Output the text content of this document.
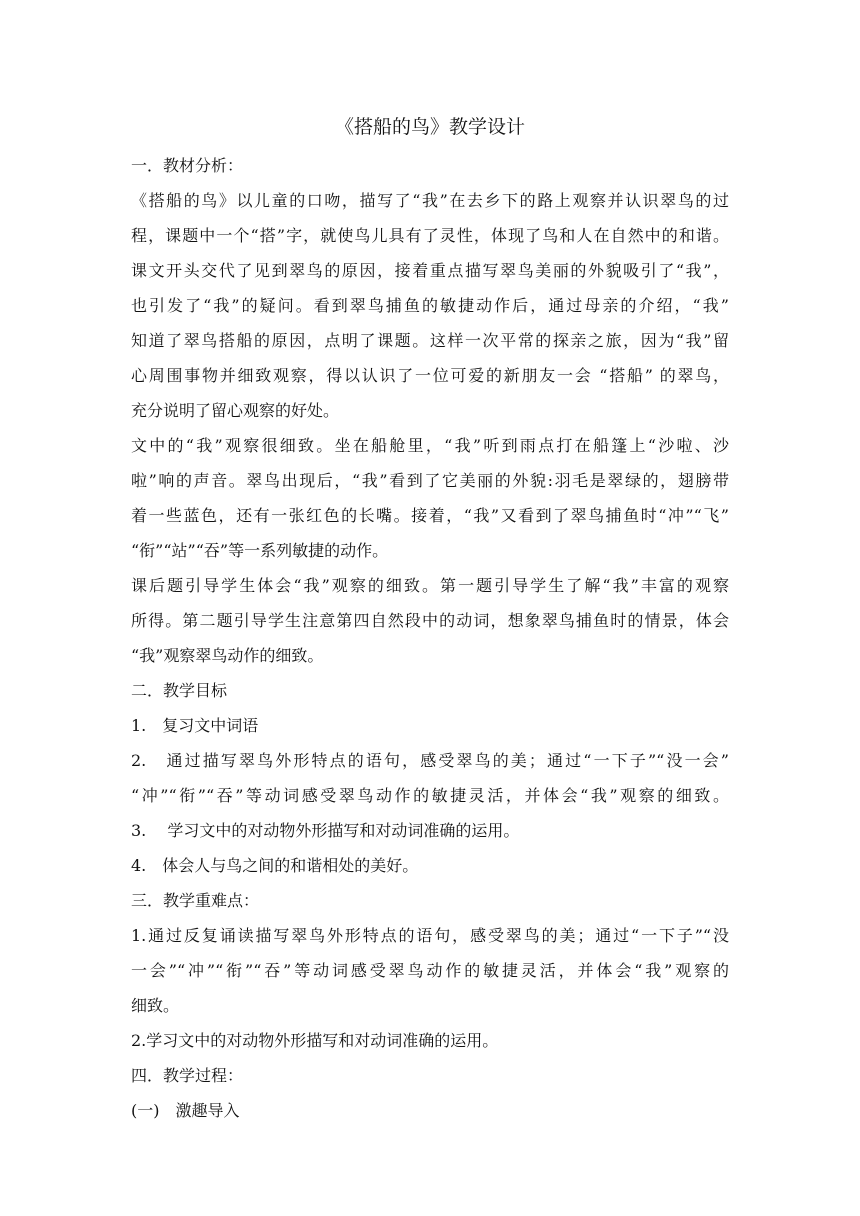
《搭船的鸟》教学设计
一．教材分析：
《搭船的鸟》以儿童的口吻，描写了“我”在去乡下的路上观察并认识翠鸟的过
程，课题中一个“搭”字，就使鸟儿具有了灵性，体现了鸟和人在自然中的和谐。
课文开头交代了见到翠鸟的原因，接着重点描写翠鸟美丽的外貌吸引了“我”，
也引发了“我”的疑问。看到翠鸟捕鱼的敏捷动作后，通过母亲的介绍，“我”
知道了翠鸟搭船的原因，点明了课题。这样一次平常的探亲之旅，因为“我”留
心周围事物并细致观察，得以认识了一位可爱的新朋友一会 “搭船” 的翠鸟，
充分说明了留心观察的好处。
文中的“我”观察很细致。坐在船舱里，“我”听到雨点打在船篷上“沙啦、沙
啦”响的声音。翠鸟出现后，“我”看到了它美丽的外貌:羽毛是翠绿的，翅膀带
着一些蓝色，还有一张红色的长嘴。接着，“我”又看到了翠鸟捕鱼时“冲”“飞”
“衔”“站”“吞”等一系列敏捷的动作。
课后题引导学生体会“我”观察的细致。第一题引导学生了解“我”丰富的观察
所得。第二题引导学生注意第四自然段中的动词，想象翠鸟捕鱼时的情景，体会
“我”观察翠鸟动作的细致。
二．教学目标
1.　复习文中词语
2.　通过描写翠鸟外形特点的语句，感受翠鸟的美；通过“一下子”“没一会”
“冲”“衔”“吞”等动词感受翠鸟动作的敏捷灵活，并体会“我”观察的细致。
3.　 学习文中的对动物外形描写和对动词准确的运用。
4.　体会人与鸟之间的和谐相处的美好。
三．教学重难点：
1.通过反复诵读描写翠鸟外形特点的语句，感受翠鸟的美；通过“一下子”“没
一会”“冲”“衔”“吞”等动词感受翠鸟动作的敏捷灵活，并体会“我”观察的
细致。
2.学习文中的对动物外形描写和对动词准确的运用。
四．教学过程：
(一)　激趣导入
